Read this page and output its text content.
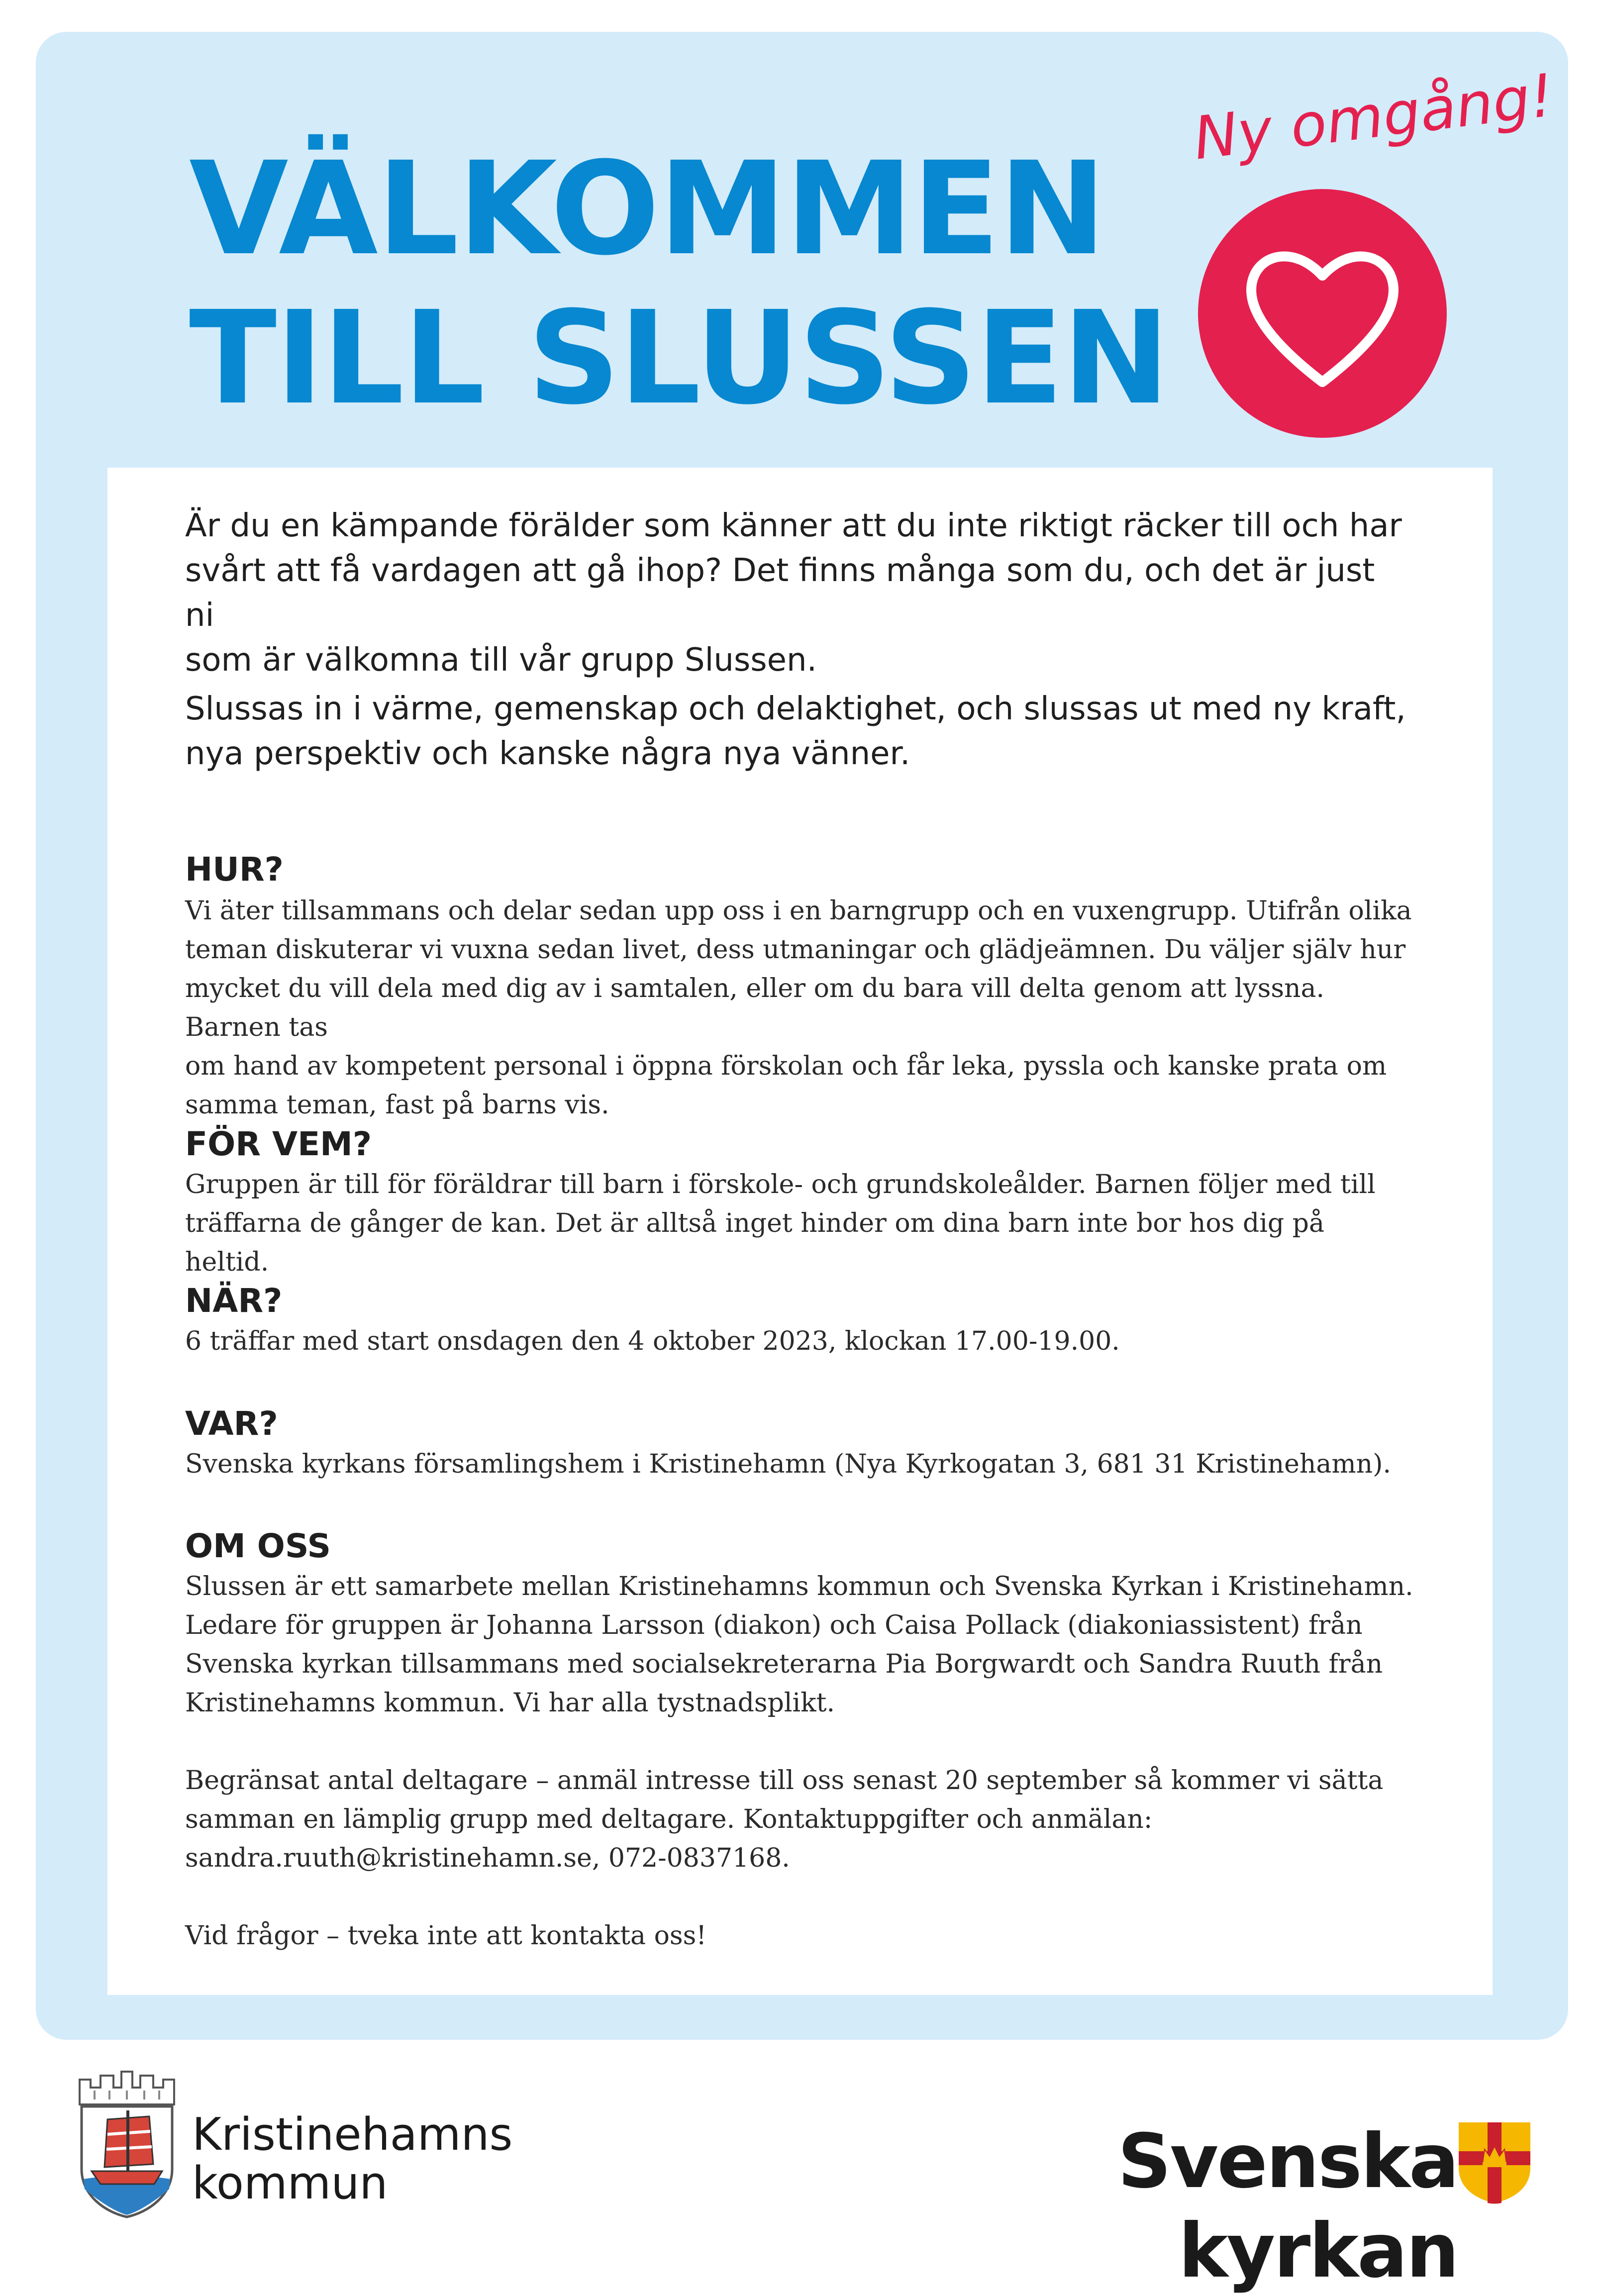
VÄLKOMMEN
TILL SLUSSEN
Ny omgång!

Är du en kämpande förälder som känner att du inte riktigt räcker till och har
svårt att få vardagen att gå ihop? Det finns många som du, och det är just ni
som är välkomna till vår grupp Slussen.

Slussas in i värme, gemenskap och delaktighet, och slussas ut med ny kraft,
nya perspektiv och kanske några nya vänner.

HUR?

Vi äter tillsammans och delar sedan upp oss i en barngrupp och en vuxengrupp. Utifrån olika
teman diskuterar vi vuxna sedan livet, dess utmaningar och glädjeämnen. Du väljer själv hur
mycket du vill dela med dig av i samtalen, eller om du bara vill delta genom att lyssna. Barnen tas
om hand av kompetent personal i öppna förskolan och får leka, pyssla och kanske prata om
samma teman, fast på barns vis.

FÖR VEM?

Gruppen är till för föräldrar till barn i förskole- och grundskoleålder. Barnen följer med till
träffarna de gånger de kan. Det är alltså inget hinder om dina barn inte bor hos dig på heltid.

NÄR?

6 träffar med start onsdagen den 4 oktober 2023, klockan 17.00-19.00.

VAR?

Svenska kyrkans församlingshem i Kristinehamn (Nya Kyrkogatan 3, 681 31 Kristinehamn).

OM OSS

Slussen är ett samarbete mellan Kristinehamns kommun och Svenska Kyrkan i Kristinehamn.
Ledare för gruppen är Johanna Larsson (diakon) och Caisa Pollack (diakoniassistent) från
Svenska kyrkan tillsammans med socialsekreterarna Pia Borgwardt och Sandra Ruuth från
Kristinehamns kommun. Vi har alla tystnadsplikt.

Begränsat antal deltagare – anmäl intresse till oss senast 20 september så kommer vi sätta
samman en lämplig grupp med deltagare. Kontaktuppgifter och anmälan:
sandra.ruuth@kristinehamn.se, 072-0837168.

Vid frågor – tveka inte att kontakta oss!

Kristinehamns
kommun	Svenska kyrkan
